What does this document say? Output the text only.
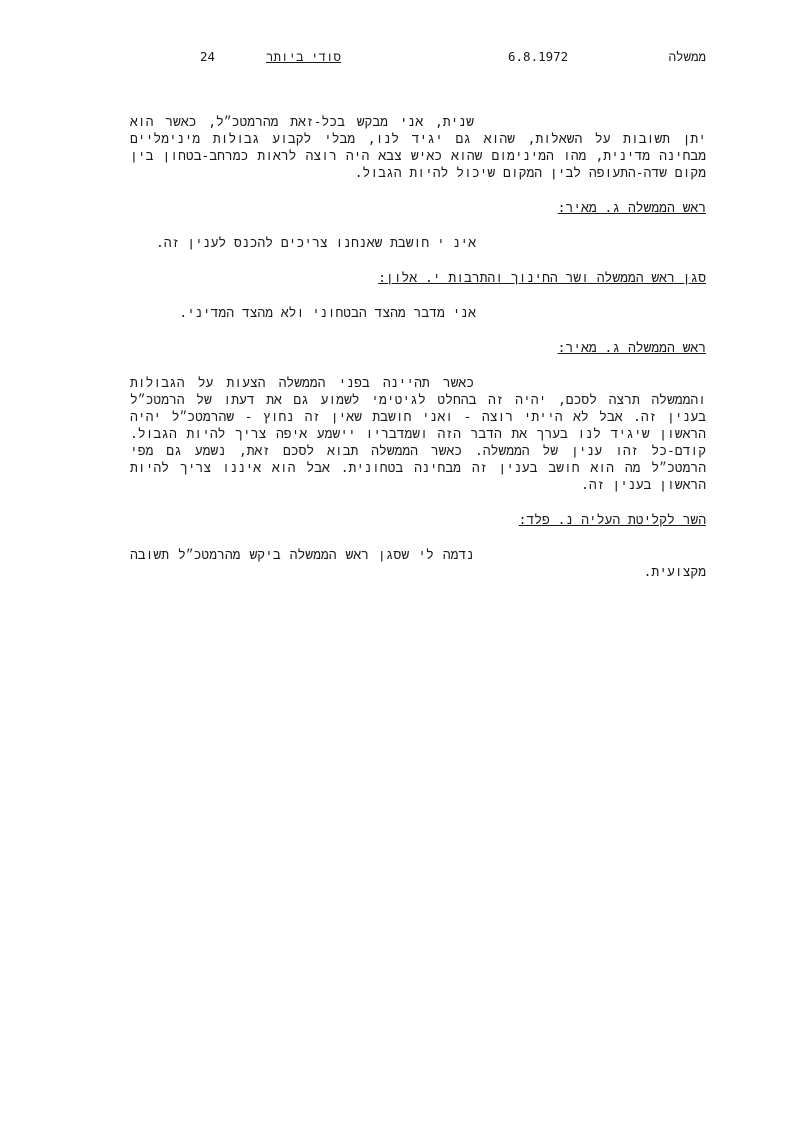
24	סודי ביותר	6.8.1972	ממשלה

שנית, אני מבקש בכל-זאת מהרמטכ״ל, כאשר הוא יתן תשובות על השאלות, שהוא גם יגיד לנו, מבלי לקבוע גבולות מינימליים מבחינה מדינית, מהו המינימום שהוא כאיש צבא היה רוצה לראות כמרחב-בטחון בין מקום שדה-התעופה לבין המקום שיכול להיות הגבול.

ראש הממשלה ג. מאיר:

אינ י חושבת שאנחנו צריכים להכנס לענין זה.

סגן ראש הממשלה ושר החינוך והתרבות י. אלון:

אני מדבר מהצד הבטחוני ולא מהצד המדיני.

ראש הממשלה ג. מאיר:

כאשר תהיינה בפני הממשלה הצעות על הגבולות והממשלה תרצה לסכם, יהיה זה בהחלט לגיטימי לשמוע גם את דעתו של הרמטכ״ל בענין זה. אבל לא הייתי רוצה - ואני חושבת שאין זה נחוץ - שהרמטכ״ל יהיה הראשון שיגיד לנו בערך את הדבר הזה ושמדבריו יישמע איפה צריך להיות הגבול. קודם-כל זהו ענין של הממשלה. כאשר הממשלה תבוא לסכם זאת, נשמע גם מפי הרמטכ״ל מה הוא חושב בענין זה מבחינה בטחונית. אבל הוא איננו צריך להיות הראשון בענין זה.

השר לקליטת העליה נ. פלד:

נדמה לי שסגן ראש הממשלה ביקש מהרמטכ״ל תשובה מקצועית.
